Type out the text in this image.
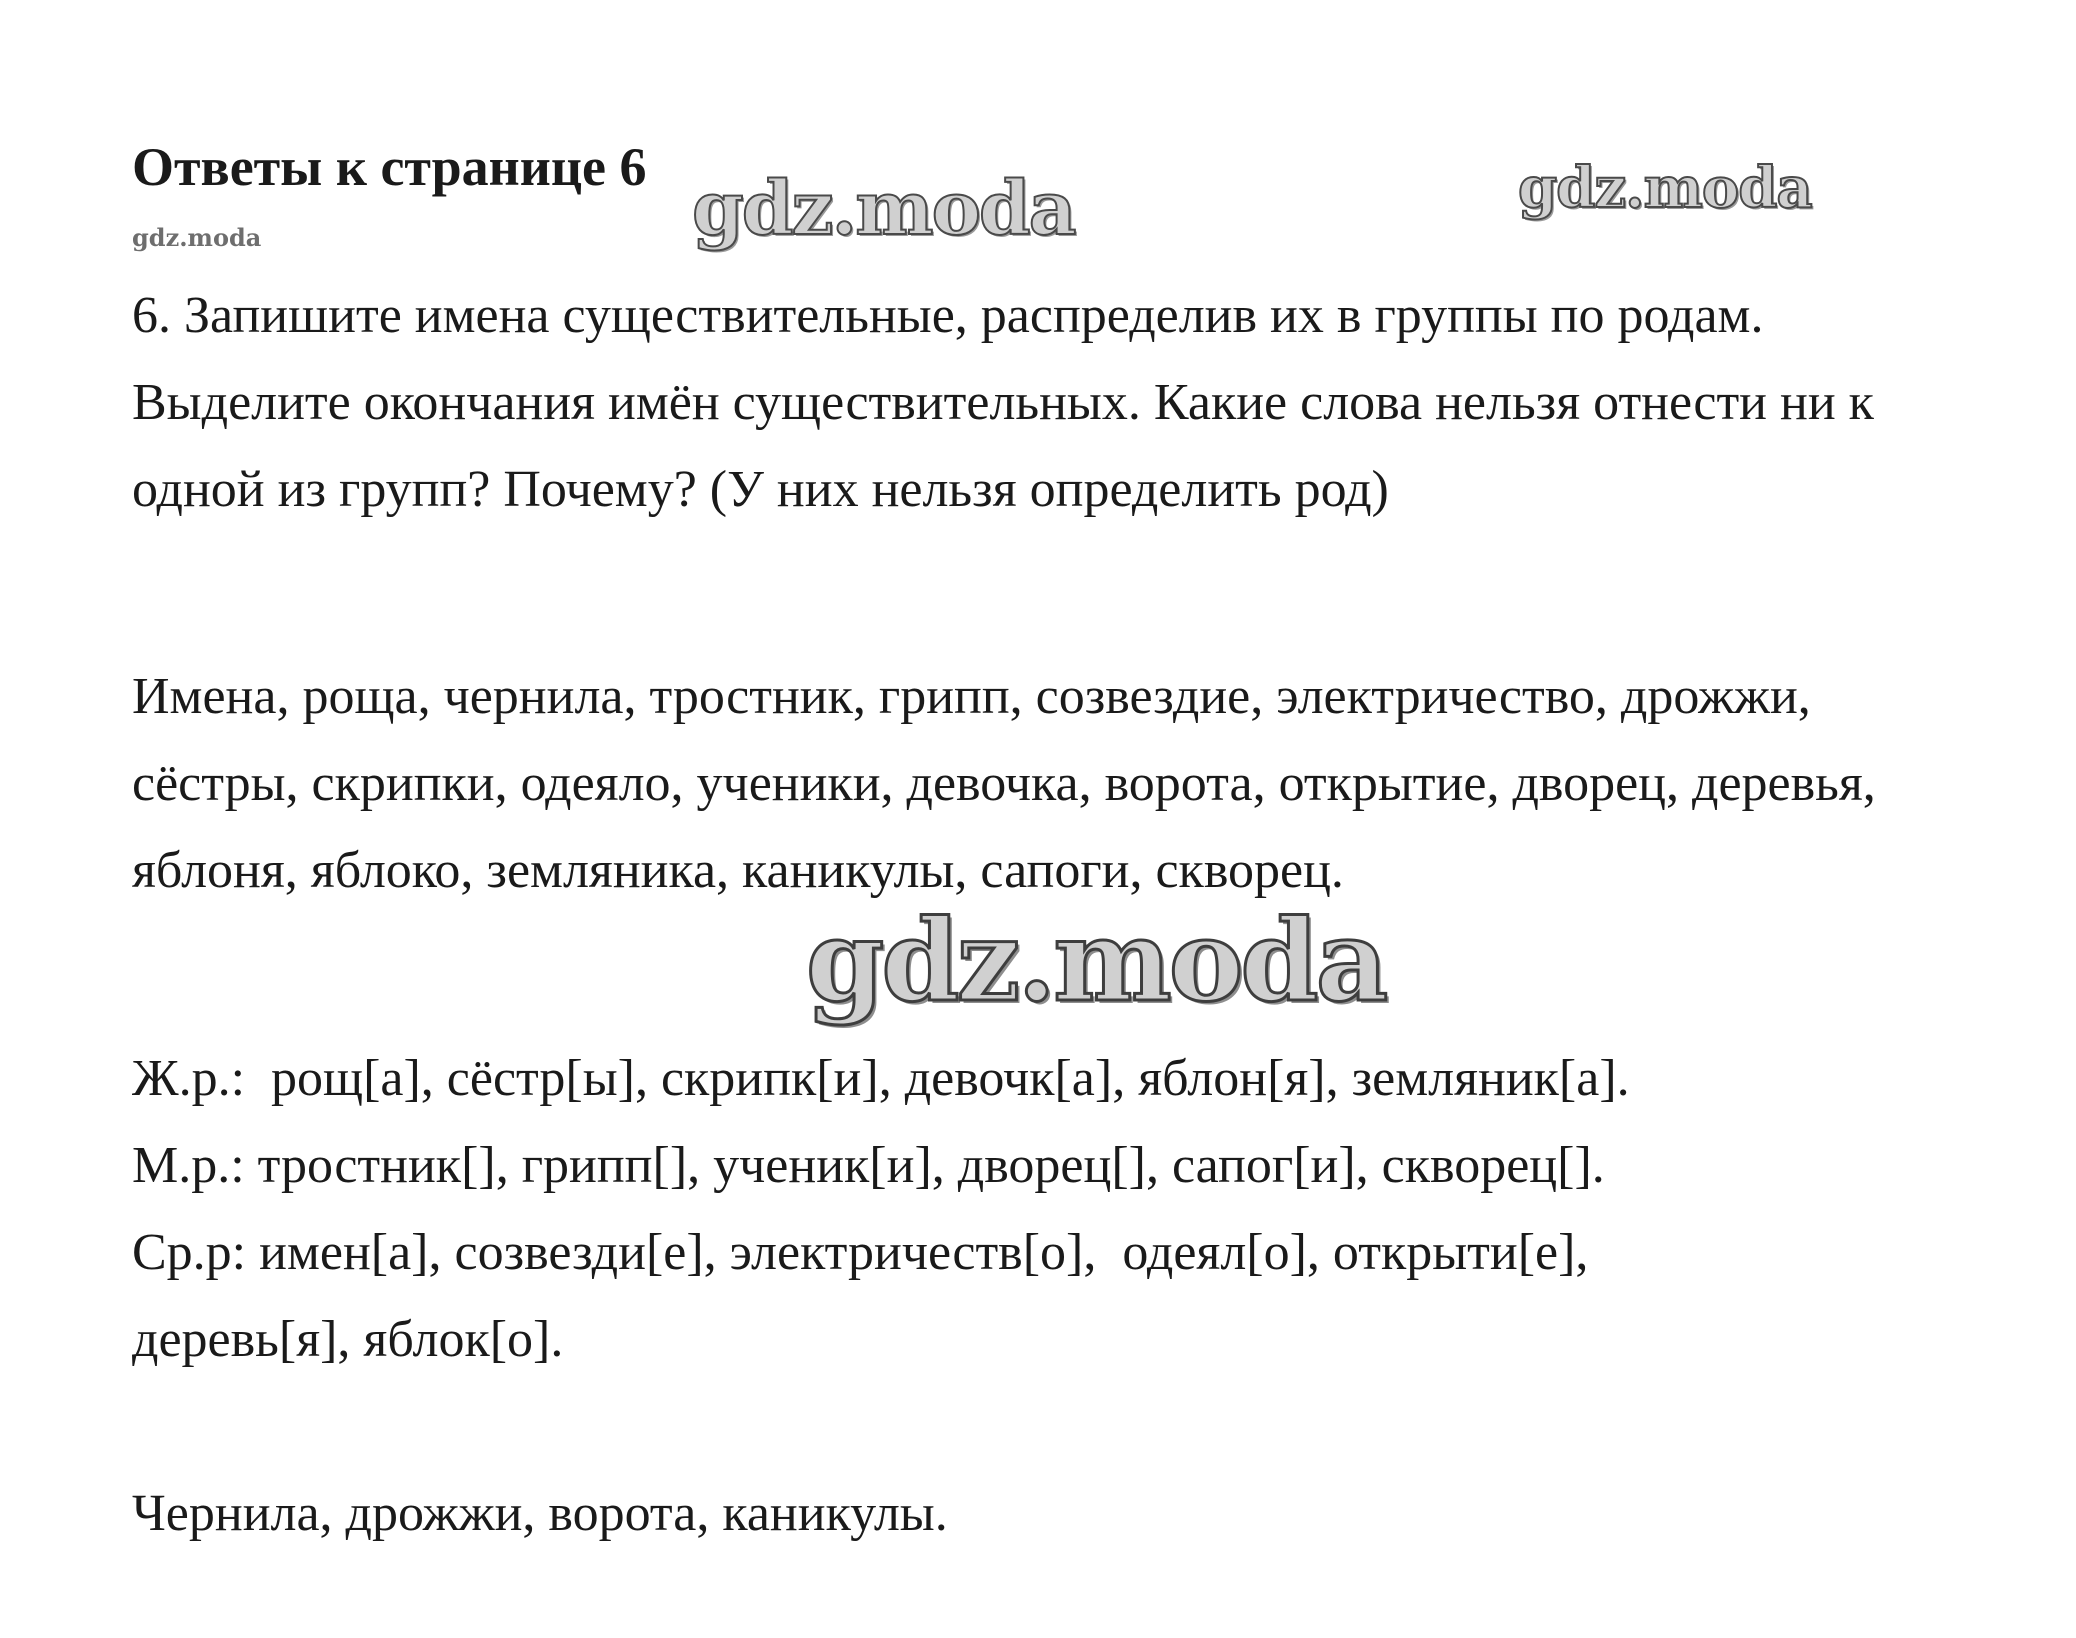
Ответы к странице 6 gdz.moda	gdz.moda
gdz.moda

6. Запишите имена существительные, распределив их в группы по родам. Выделите окончания имён существительных. Какие слова нельзя отнести ни к одной из групп? Почему? (У них нельзя определить род)

Имена, роща, чернила, тростник, грипп, созвездие, электричество, дрожжи, сёстры, скрипки, одеяло, ученики, девочка, ворота, открытие, дворец, деревья, яблоня, яблоко, земляника, каникулы, сапоги, скворец.

gdz.moda
Ж.р.:  рощ[а], сёстр[ы], скрипк[и], девочк[а], яблон[я], земляник[а].
М.р.: тростник[], грипп[], ученик[и], дворец[], сапог[и], скворец[].
Ср.р: имен[а], созвезди[е], электричеств[о],  одеял[о], открыти[е],
деревь[я], яблок[о].

Чернила, дрожжи, ворота, каникулы.
